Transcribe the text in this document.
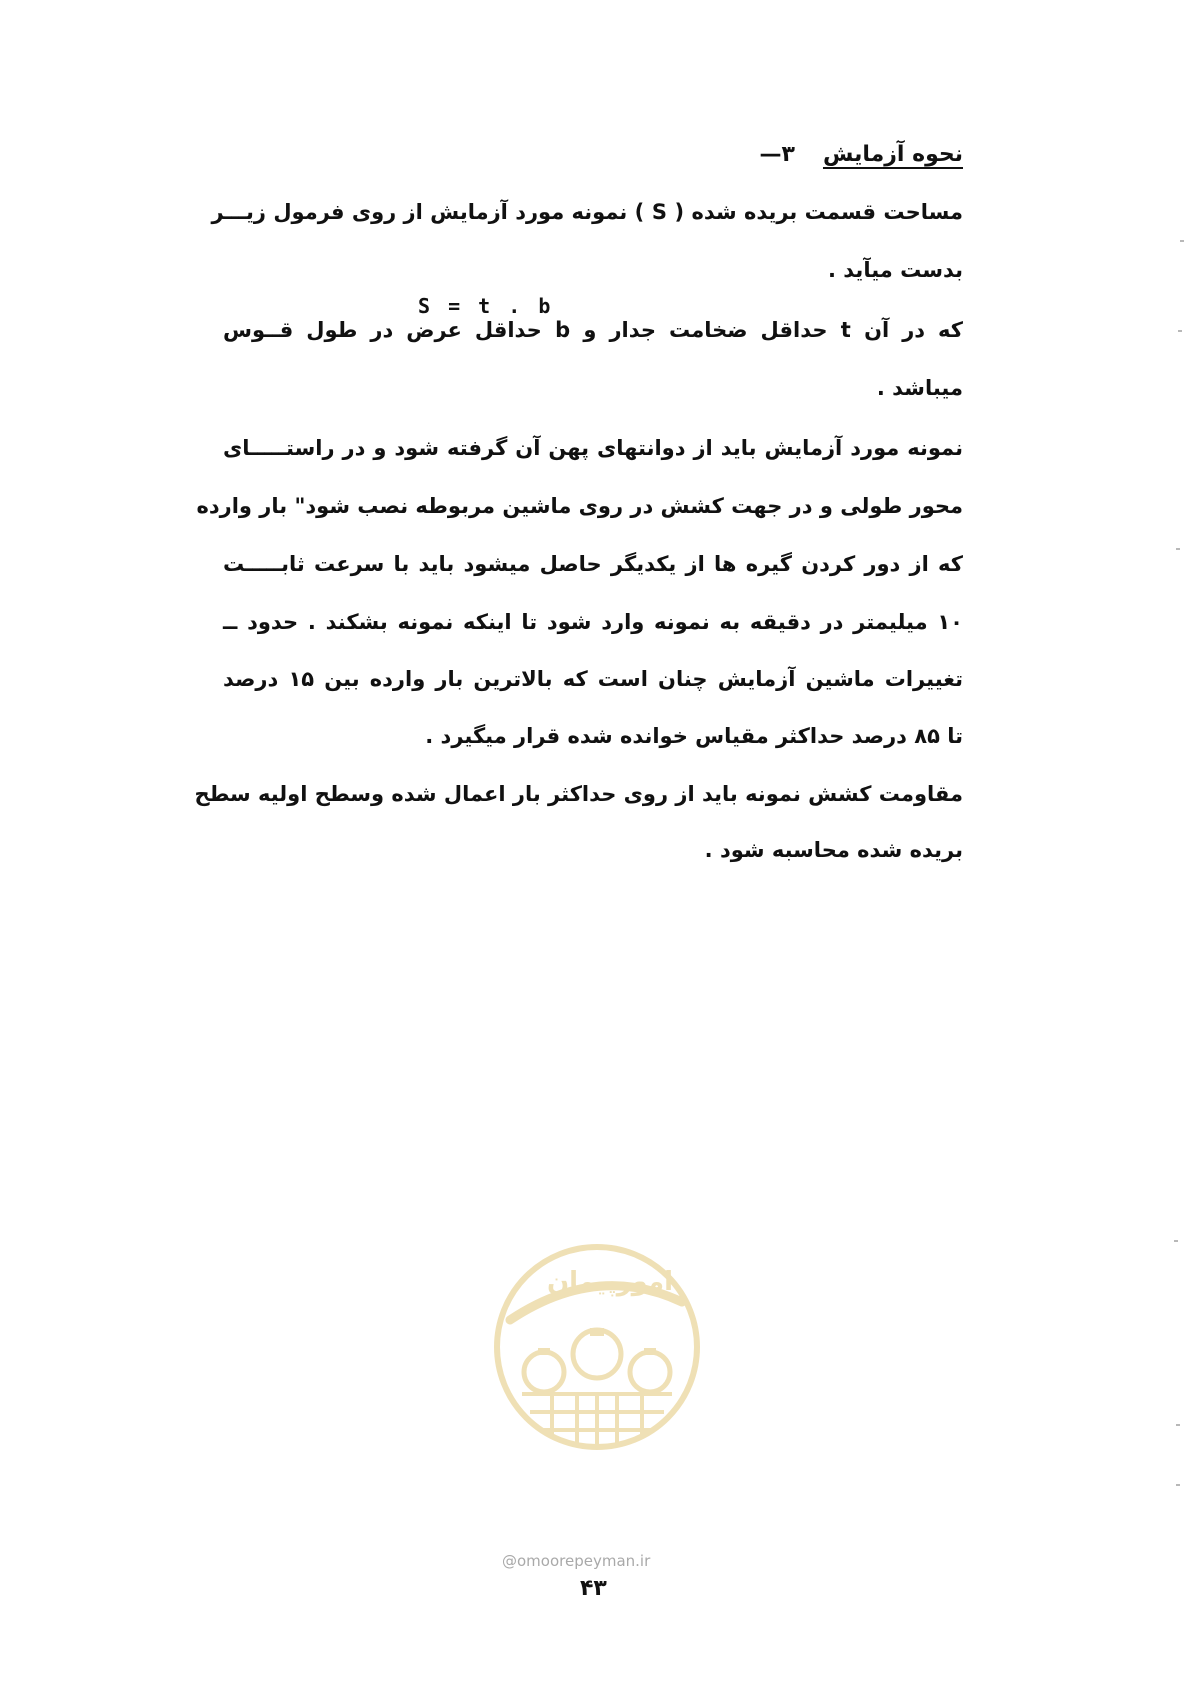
۳— نحوه آزمایش
مساحت قسمت بریده شده ( S ) نمونه مورد آزمایش از روی فرمول زیـــر
بدست میآید .
S = t . b
که در آن t حداقل ضخامت جدار و b حداقل عرض در طول قــوس
میباشد .
نمونه مورد آزمایش باید از دوانتهای پهن آن گرفته شود و در راستـــــای
محور طولی و در جهت کشش در روی ماشین مربوطه نصب شود" بار وارده
که از دور کردن گیره ها از یکدیگر حاصل میشود باید با سرعت ثابـــــت
۱۰ میلیمتر در دقیقه به نمونه وارد شود تا اینکه نمونه بشکند . حدود ــ
تغییرات ماشین آزمایش چنان است که بالاترین بار وارده بین ۱۵ درصد
تا ۸۵ درصد حداکثر مقیاس خوانده شده قرار میگیرد .
مقاومت کشش نمونه باید از روی حداکثر بار اعمال شده وسطح اولیه سطح
بریده شده محاسبه شود .
امورپیمان
@omoorepeyman.ir
۴۳
